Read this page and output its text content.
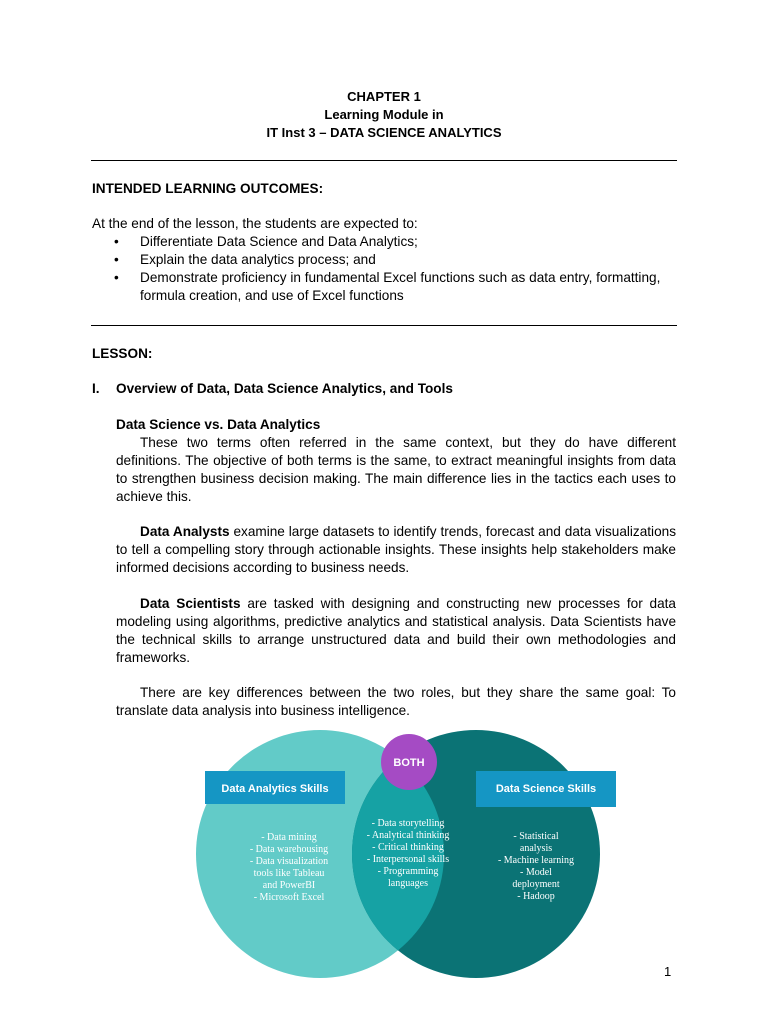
CHAPTER 1
Learning Module in
IT Inst 3 – DATA SCIENCE ANALYTICS
INTENDED LEARNING OUTCOMES:
At the end of the lesson, the students are expected to:
• Differentiate Data Science and Data Analytics;
• Explain the data analytics process; and
• Demonstrate proficiency in fundamental Excel functions such as data entry, formatting, formula creation, and use of Excel functions
LESSON:
I. Overview of Data, Data Science Analytics, and Tools
Data Science vs. Data Analytics
These two terms often referred in the same context, but they do have different definitions. The objective of both terms is the same, to extract meaningful insights from data to strengthen business decision making. The main difference lies in the tactics each uses to achieve this.
Data Analysts examine large datasets to identify trends, forecast and data visualizations to tell a compelling story through actionable insights. These insights help stakeholders make informed decisions according to business needs.
Data Scientists are tasked with designing and constructing new processes for data modeling using algorithms, predictive analytics and statistical analysis. Data Scientists have the technical skills to arrange unstructured data and build their own methodologies and frameworks.
There are key differences between the two roles, but they share the same goal: To translate data analysis into business intelligence.
BOTH
Data Analytics Skills	Data Science Skills
- Data mining
- Data warehousing
- Data visualization
tools like Tableau
and PowerBI
- Microsoft Excel
- Data storytelling
- Analytical thinking
- Critical thinking
- Interpersonal skills
- Programming
languages
- Statistical
analysis
- Machine learning
- Model
deployment
- Hadoop
1
